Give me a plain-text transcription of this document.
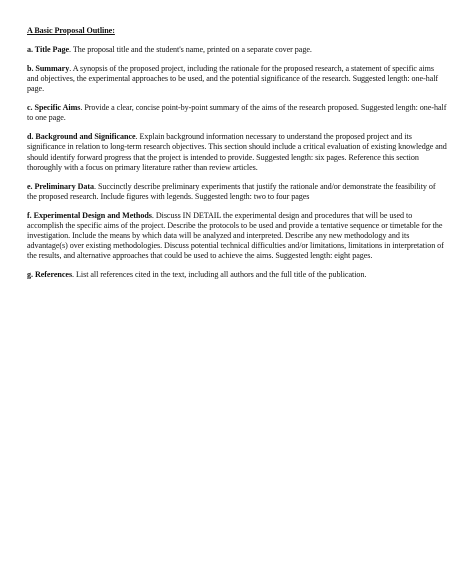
A Basic Proposal Outline:
a. Title Page. The proposal title and the student's name, printed on a separate cover page.
b. Summary. A synopsis of the proposed project, including the rationale for the proposed research, a statement of specific aims and objectives, the experimental approaches to be used, and the potential significance of the research. Suggested length: one-half page.
c. Specific Aims. Provide a clear, concise point-by-point summary of the aims of the research proposed. Suggested length: one-half to one page.
d. Background and Significance. Explain background information necessary to understand the proposed project and its significance in relation to long-term research objectives. This section should include a critical evaluation of existing knowledge and should identify forward progress that the project is intended to provide. Suggested length: six pages. Reference this section thoroughly with a focus on primary literature rather than review articles.
e. Preliminary Data. Succinctly describe preliminary experiments that justify the rationale and/or demonstrate the feasibility of the proposed research. Include figures with legends. Suggested length: two to four pages
f. Experimental Design and Methods. Discuss IN DETAIL the experimental design and procedures that will be used to accomplish the specific aims of the project. Describe the protocols to be used and provide a tentative sequence or timetable for the investigation. Include the means by which data will be analyzed and interpreted. Describe any new methodology and its advantage(s) over existing methodologies. Discuss potential technical difficulties and/or limitations, limitations in interpretation of the results, and alternative approaches that could be used to achieve the aims. Suggested length: eight pages.
g. References. List all references cited in the text, including all authors and the full title of the publication.
